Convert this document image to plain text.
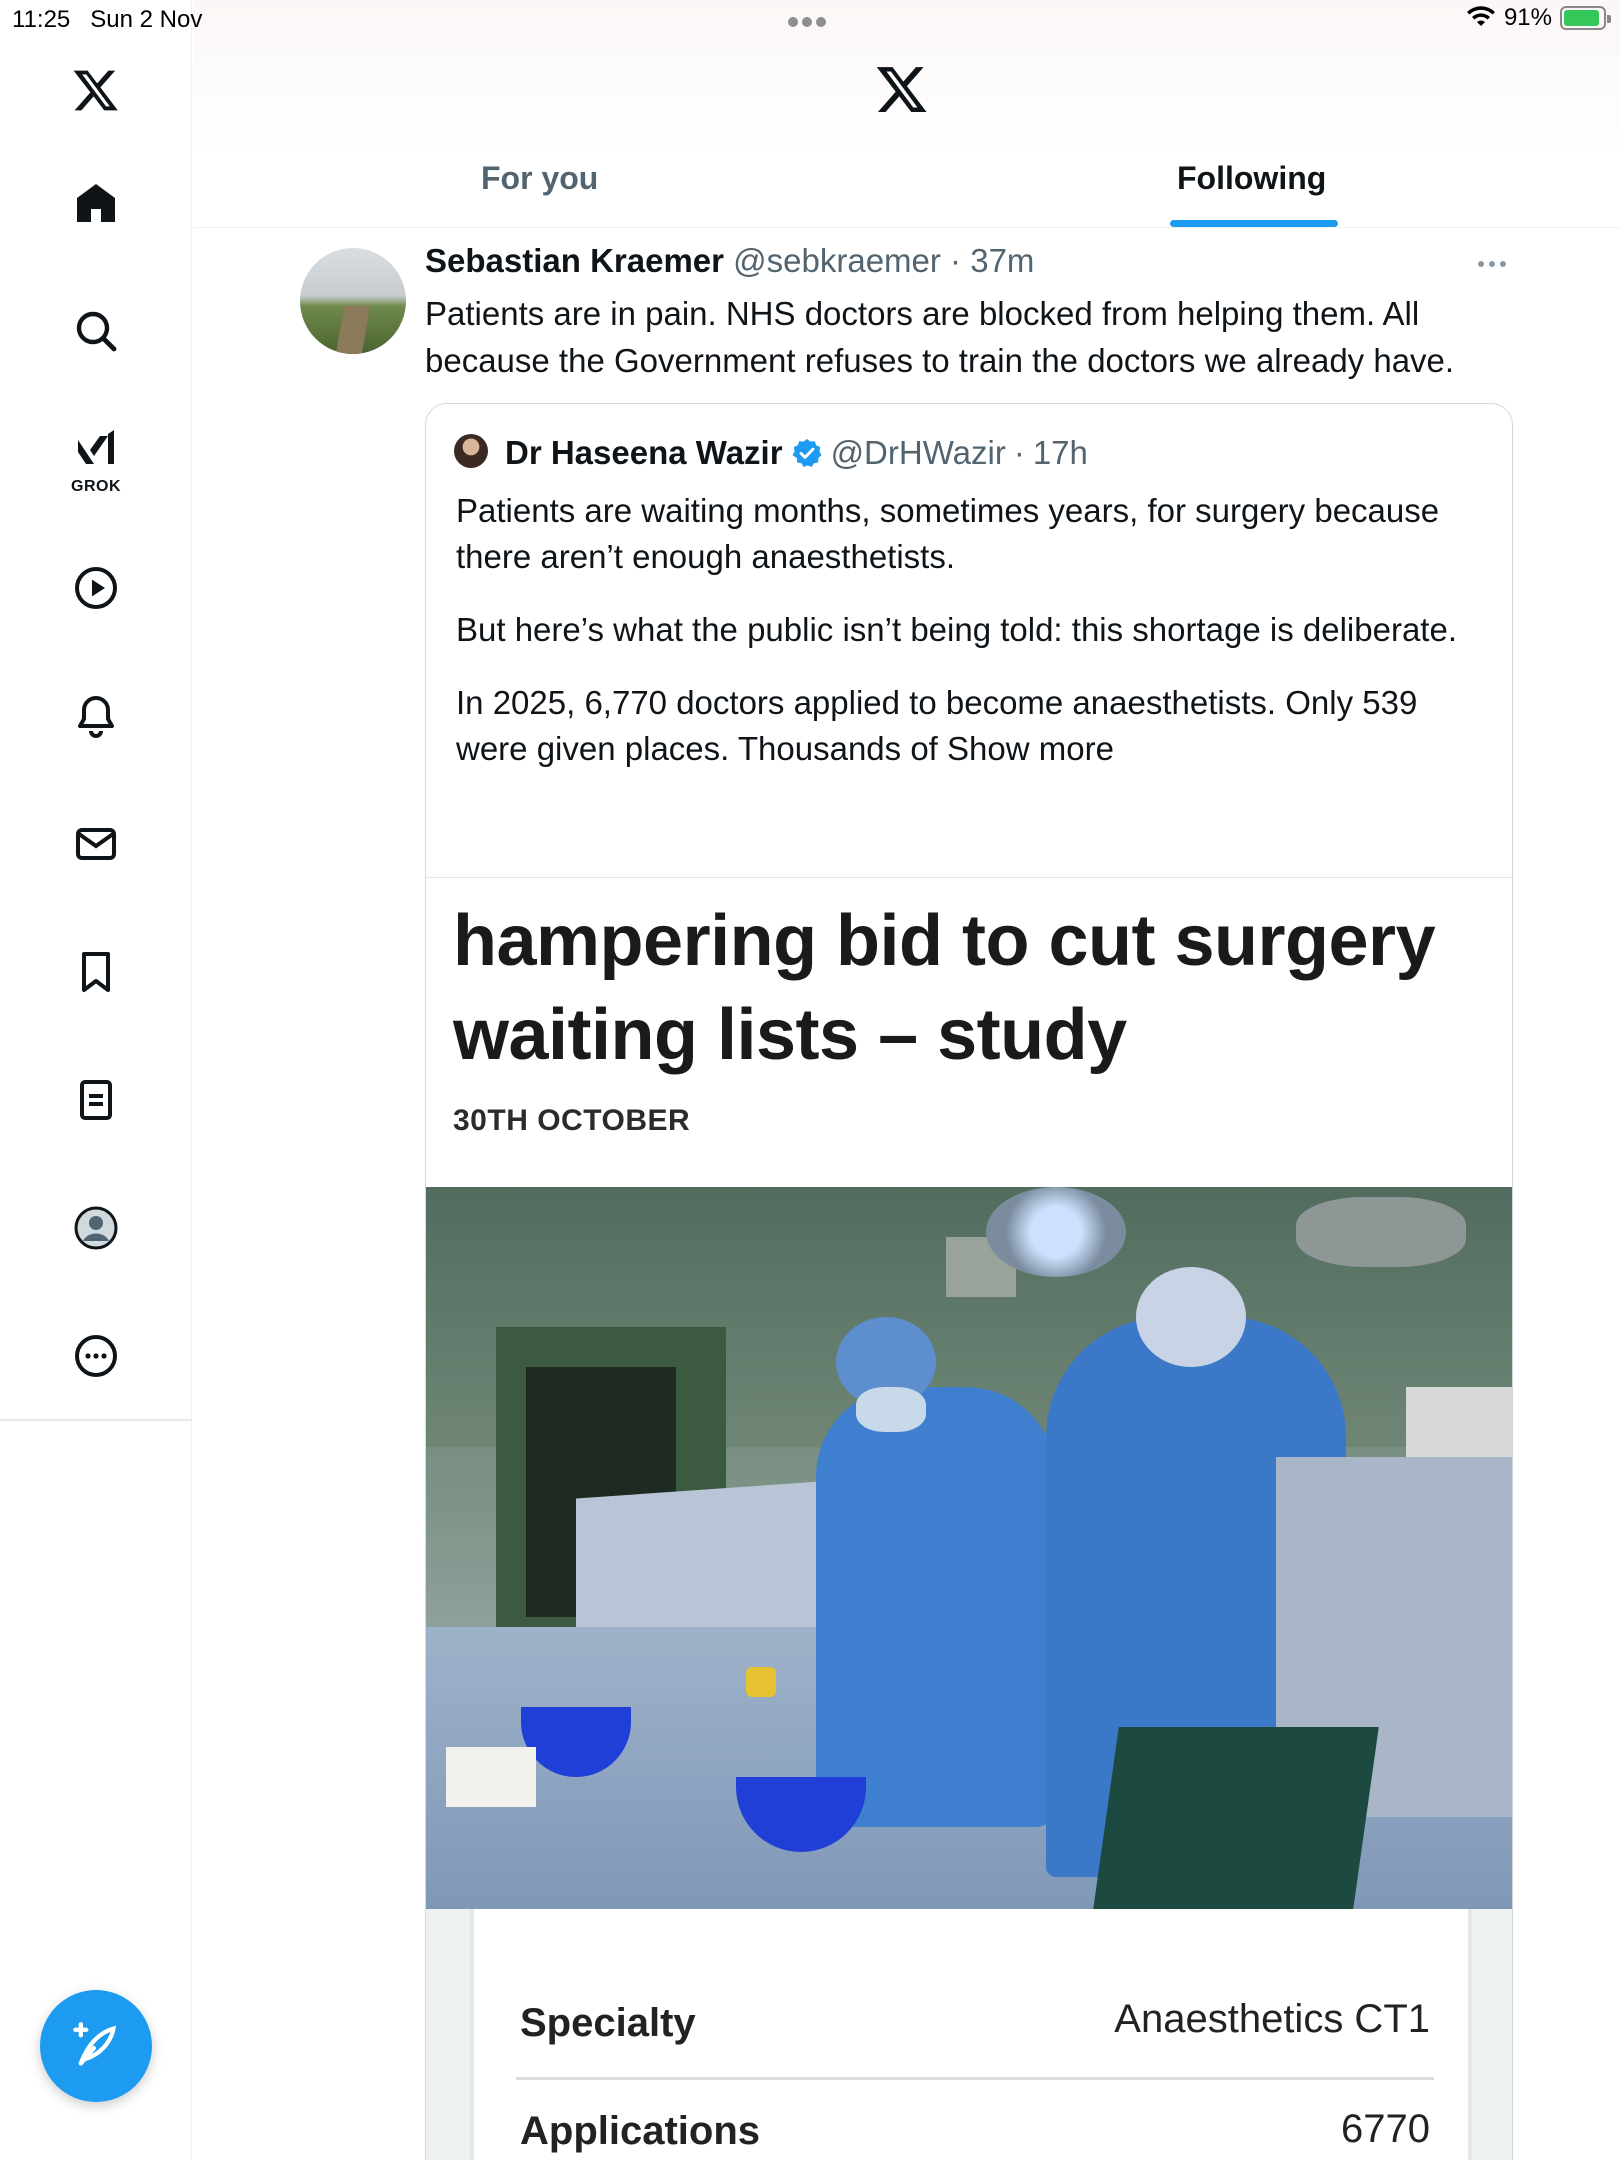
11:25 Sun 2 Nov	91%
GROK
For you	Following
Sebastian Kraemer @sebkraemer · 37m
Patients are in pain. NHS doctors are blocked from helping them. All because the Government refuses to train the doctors we already have.
Dr Haseena Wazir @DrHWazir · 17h

Patients are waiting months, sometimes years, for surgery because there aren’t enough anaesthetists.

But here’s what the public isn’t being told: this shortage is deliberate.

In 2025, 6,770 doctors applied to become anaesthetists. Only 539 were given places. Thousands of Show more

hampering bid to cut surgery
waiting lists – study
30TH OCTOBER
Specialty	Anaesthetics CT1
Applications	6770
